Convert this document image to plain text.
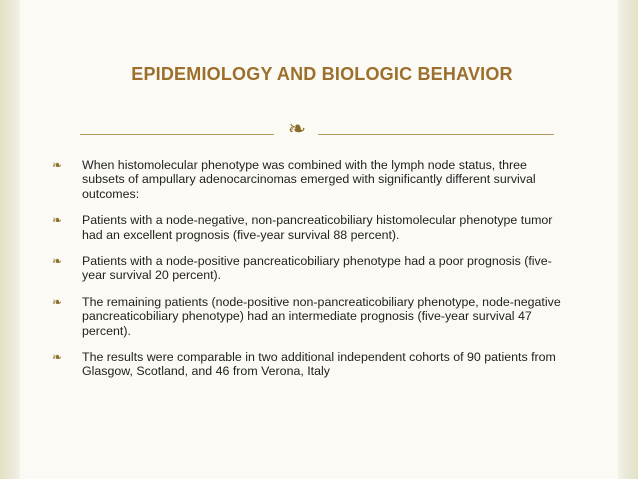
EPIDEMIOLOGY AND BIOLOGIC BEHAVIOR
❧
❧ When histomolecular phenotype was combined with the lymph node status, three subsets of ampullary adenocarcinomas emerged with significantly different survival outcomes:
❧ Patients with a node-negative, non-pancreaticobiliary histomolecular phenotype tumor had an excellent prognosis (five-year survival 88 percent).
❧ Patients with a node-positive pancreaticobiliary phenotype had a poor prognosis (five-year survival 20 percent).
❧ The remaining patients (node-positive non-pancreaticobiliary phenotype, node-negative pancreaticobiliary phenotype) had an intermediate prognosis (five-year survival 47 percent).
❧ The results were comparable in two additional independent cohorts of 90 patients from Glasgow, Scotland, and 46 from Verona, Italy
